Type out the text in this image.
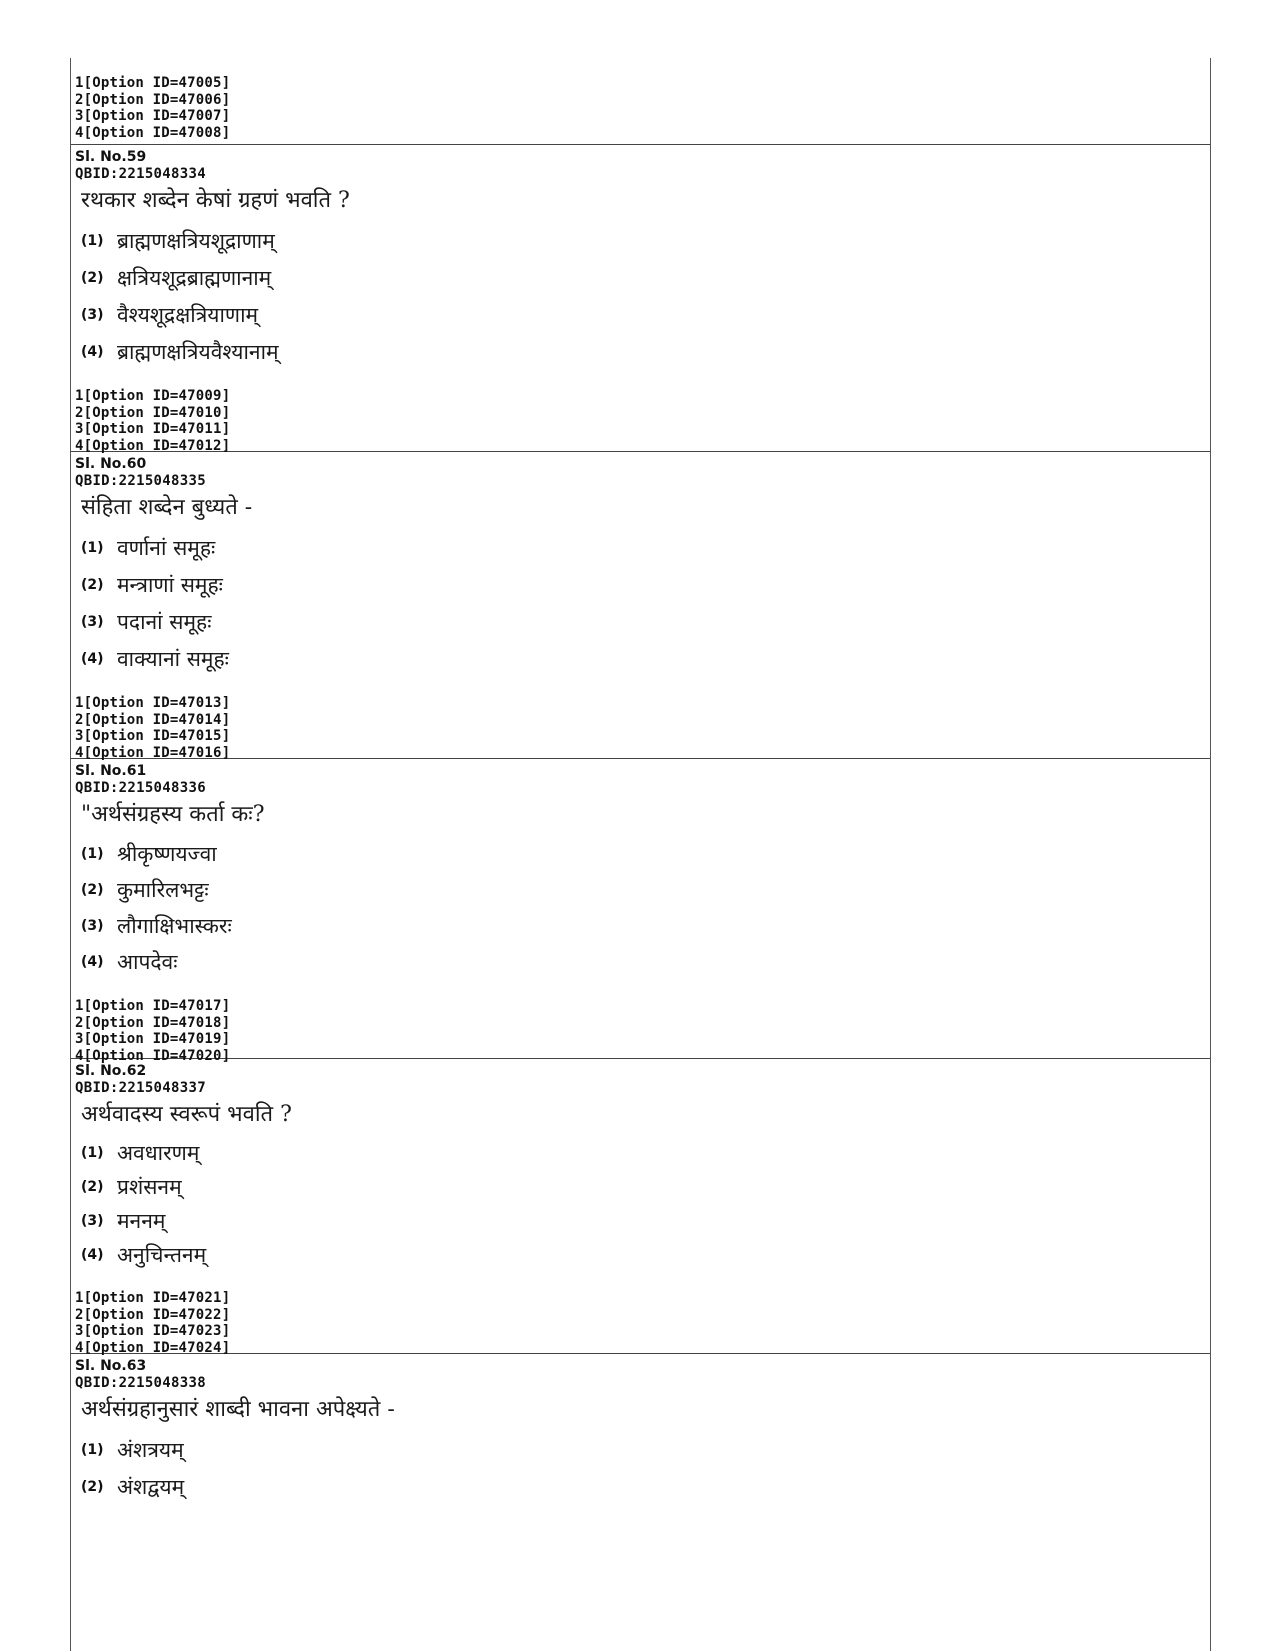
1[Option ID=47005]
2[Option ID=47006]
3[Option ID=47007]
4[Option ID=47008]
Sl. No.59
QBID:2215048334
रथकार शब्देन केषां ग्रहणं भवति ?
(1) ब्राह्मणक्षत्रियशूद्राणाम्
(2) क्षत्रियशूद्रब्राह्मणानाम्
(3) वैश्यशूद्रक्षत्रियाणाम्
(4) ब्राह्मणक्षत्रियवैश्यानाम्
1[Option ID=47009]
2[Option ID=47010]
3[Option ID=47011]
4[Option ID=47012]
Sl. No.60
QBID:2215048335
संहिता शब्देन बुध्यते -
(1) वर्णानां समूहः
(2) मन्त्राणां समूहः
(3) पदानां समूहः
(4) वाक्यानां समूहः
1[Option ID=47013]
2[Option ID=47014]
3[Option ID=47015]
4[Option ID=47016]
Sl. No.61
QBID:2215048336
"अर्थसंग्रहस्य कर्ता कः?
(1) श्रीकृष्णयज्वा
(2) कुमारिलभट्टः
(3) लौगाक्षिभास्करः
(4) आपदेवः
1[Option ID=47017]
2[Option ID=47018]
3[Option ID=47019]
4[Option ID=47020]
Sl. No.62
QBID:2215048337
अर्थवादस्य स्वरूपं भवति ?
(1) अवधारणम्
(2) प्रशंसनम्
(3) मननम्
(4) अनुचिन्तनम्
1[Option ID=47021]
2[Option ID=47022]
3[Option ID=47023]
4[Option ID=47024]
Sl. No.63
QBID:2215048338
अर्थसंग्रहानुसारं शाब्दी भावना अपेक्ष्यते -
(1) अंशत्रयम्
(2) अंशद्वयम्
